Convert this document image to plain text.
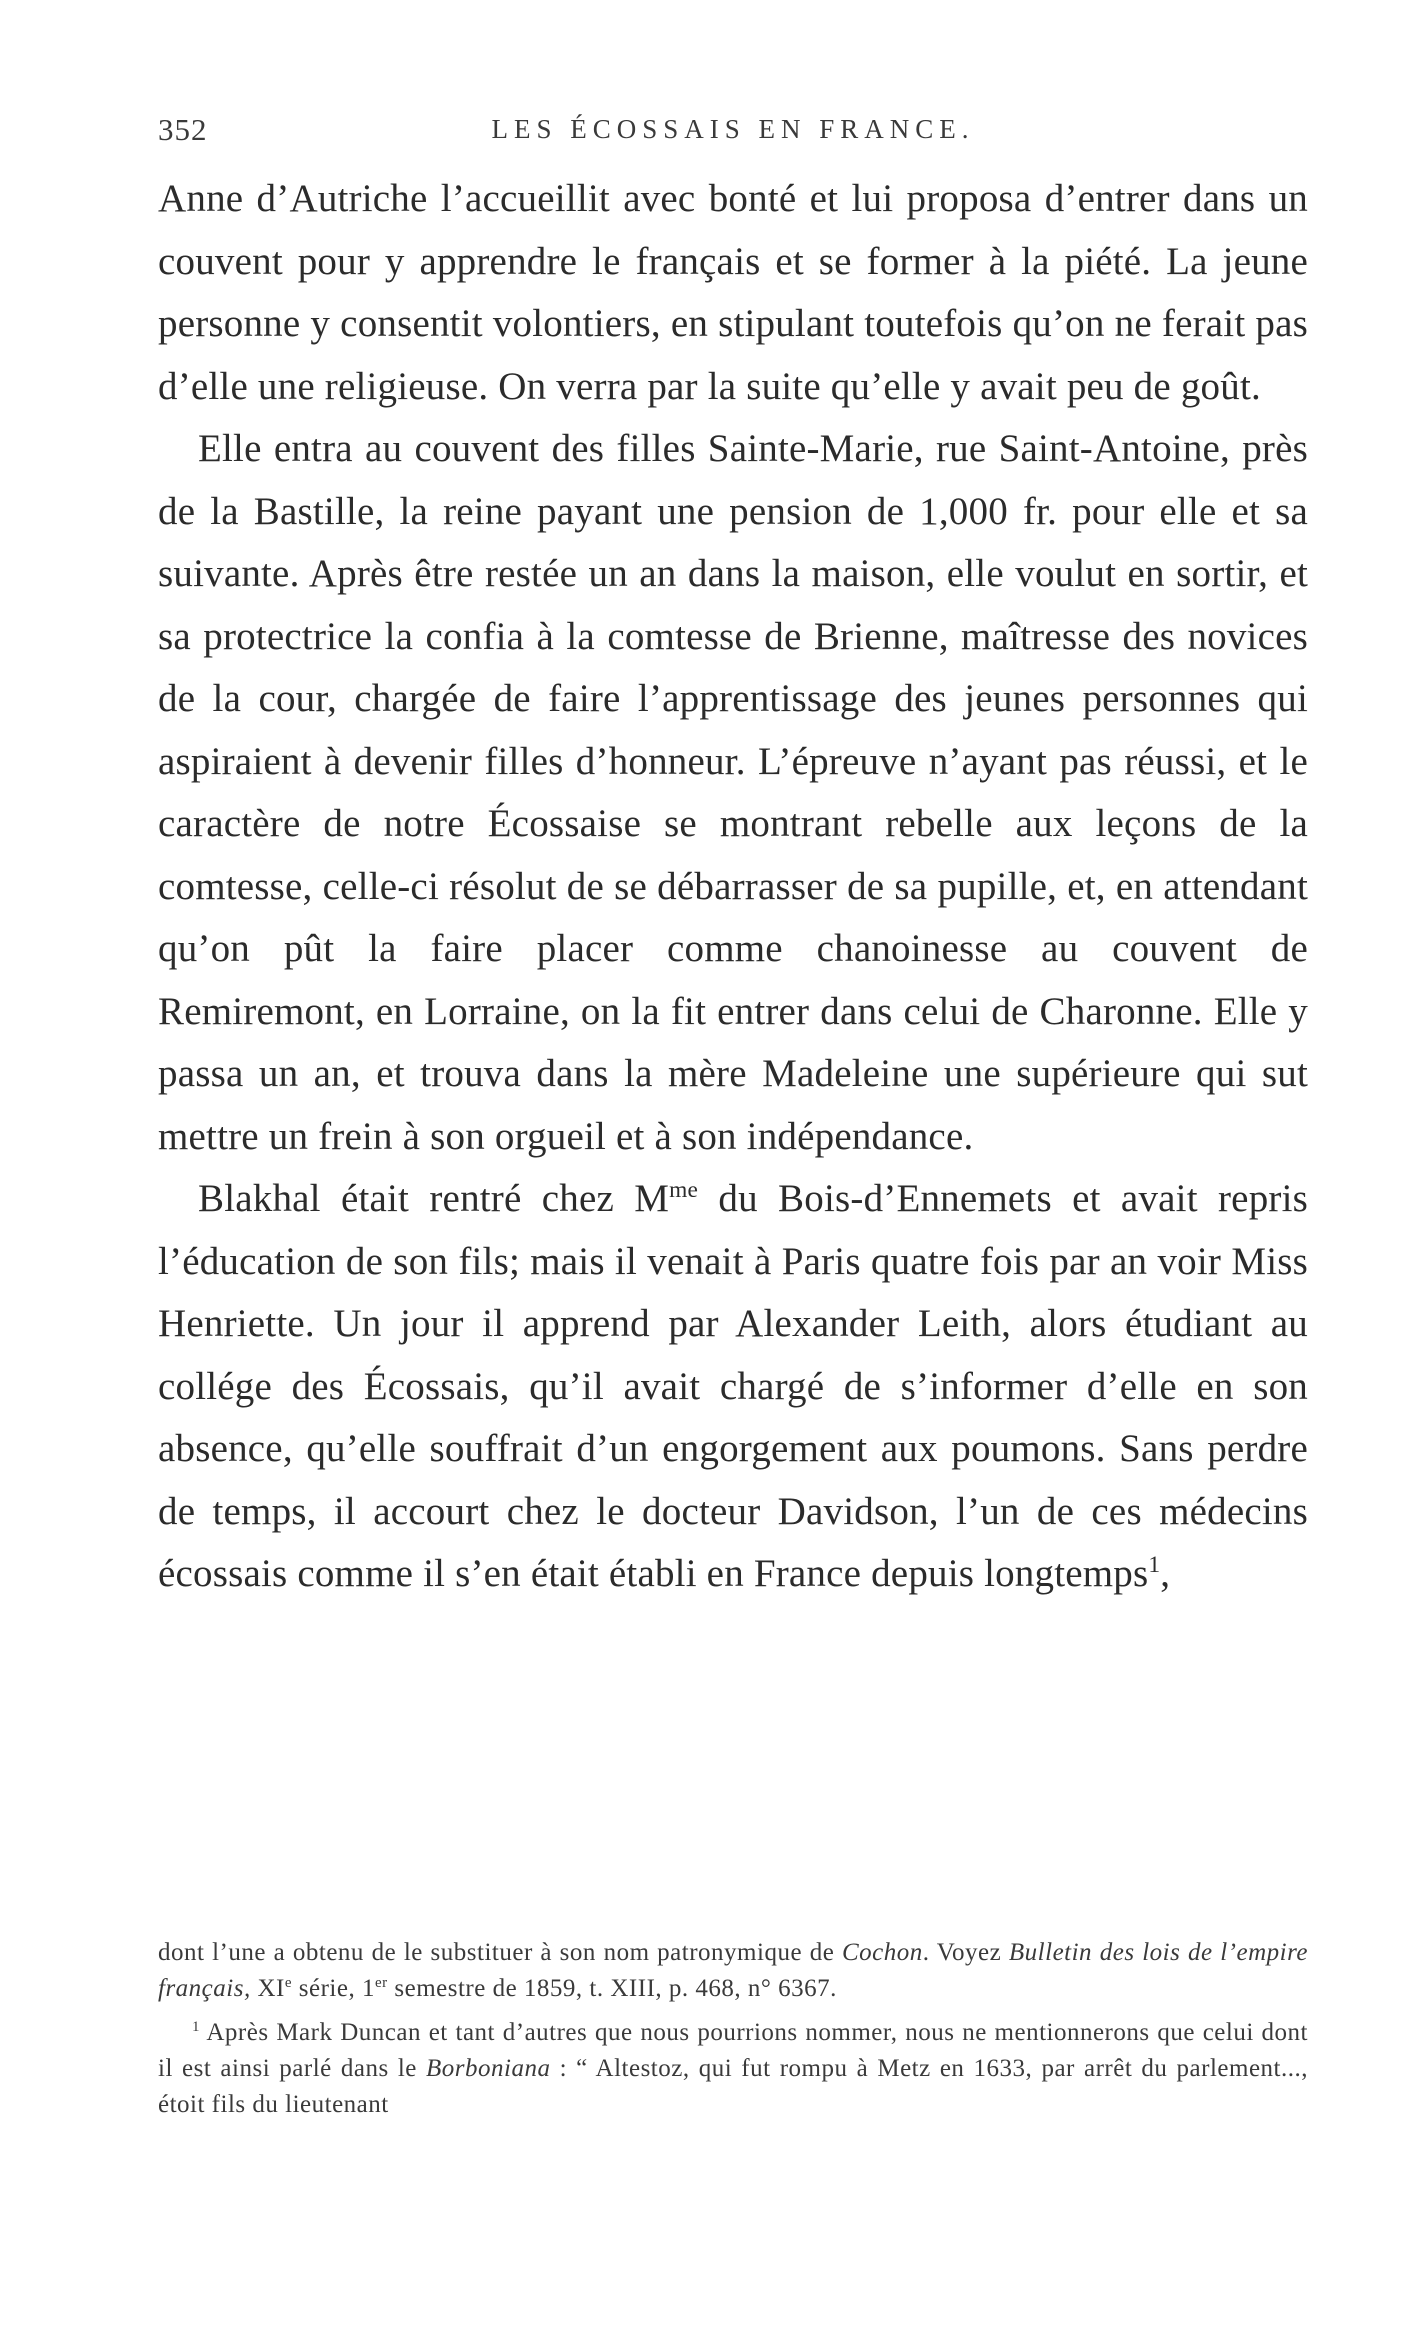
352	LES ÉCOSSAIS EN FRANCE.

Anne d’Autriche l’accueillit avec bonté et lui proposa d’entrer dans un couvent pour y apprendre le français et se former à la piété. La jeune personne y consentit volontiers, en stipulant toutefois qu’on ne ferait pas d’elle une religieuse. On verra par la suite qu’elle y avait peu de goût.

Elle entra au couvent des filles Sainte-Marie, rue Saint-Antoine, près de la Bastille, la reine payant une pension de 1,000 fr. pour elle et sa suivante. Après être restée un an dans la maison, elle voulut en sortir, et sa protectrice la confia à la comtesse de Brienne, maîtresse des novices de la cour, chargée de faire l’apprentissage des jeunes personnes qui aspiraient à devenir filles d’honneur. L’épreuve n’ayant pas réussi, et le caractère de notre Écossaise se montrant rebelle aux leçons de la comtesse, celle-ci résolut de se débarrasser de sa pupille, et, en attendant qu’on pût la faire placer comme chanoinesse au couvent de Remiremont, en Lorraine, on la fit entrer dans celui de Charonne. Elle y passa un an, et trouva dans la mère Madeleine une supérieure qui sut mettre un frein à son orgueil et à son indépendance.

Blakhal était rentré chez $M^{me}$ du Bois-d’Ennemets et avait repris l’éducation de son fils; mais il venait à Paris quatre fois par an voir Miss Henriette. Un jour il apprend par Alexander Leith, alors étudiant au collége des Écossais, qu’il avait chargé de s’informer d’elle en son absence, qu’elle souffrait d’un engorgement aux poumons. Sans perdre de temps, il accourt chez le docteur Davidson, l’un de ces médecins écossais comme il s’en était établi en France depuis longtemps$^1$,

dont l’une a obtenu de le substituer à son nom patronymique de Cochon. Voyez Bulletin des lois de l’empire français, XIe série, 1er semestre de 1859, t. XIII, p. 468, n° 6367.

$^1$ Après Mark Duncan et tant d’autres que nous pourrions nommer, nous ne mentionnerons que celui dont il est ainsi parlé dans le Borboniana : “ Altestoz, qui fut rompu à Metz en 1633, par arrêt du parlement..., étoit fils du lieutenant
